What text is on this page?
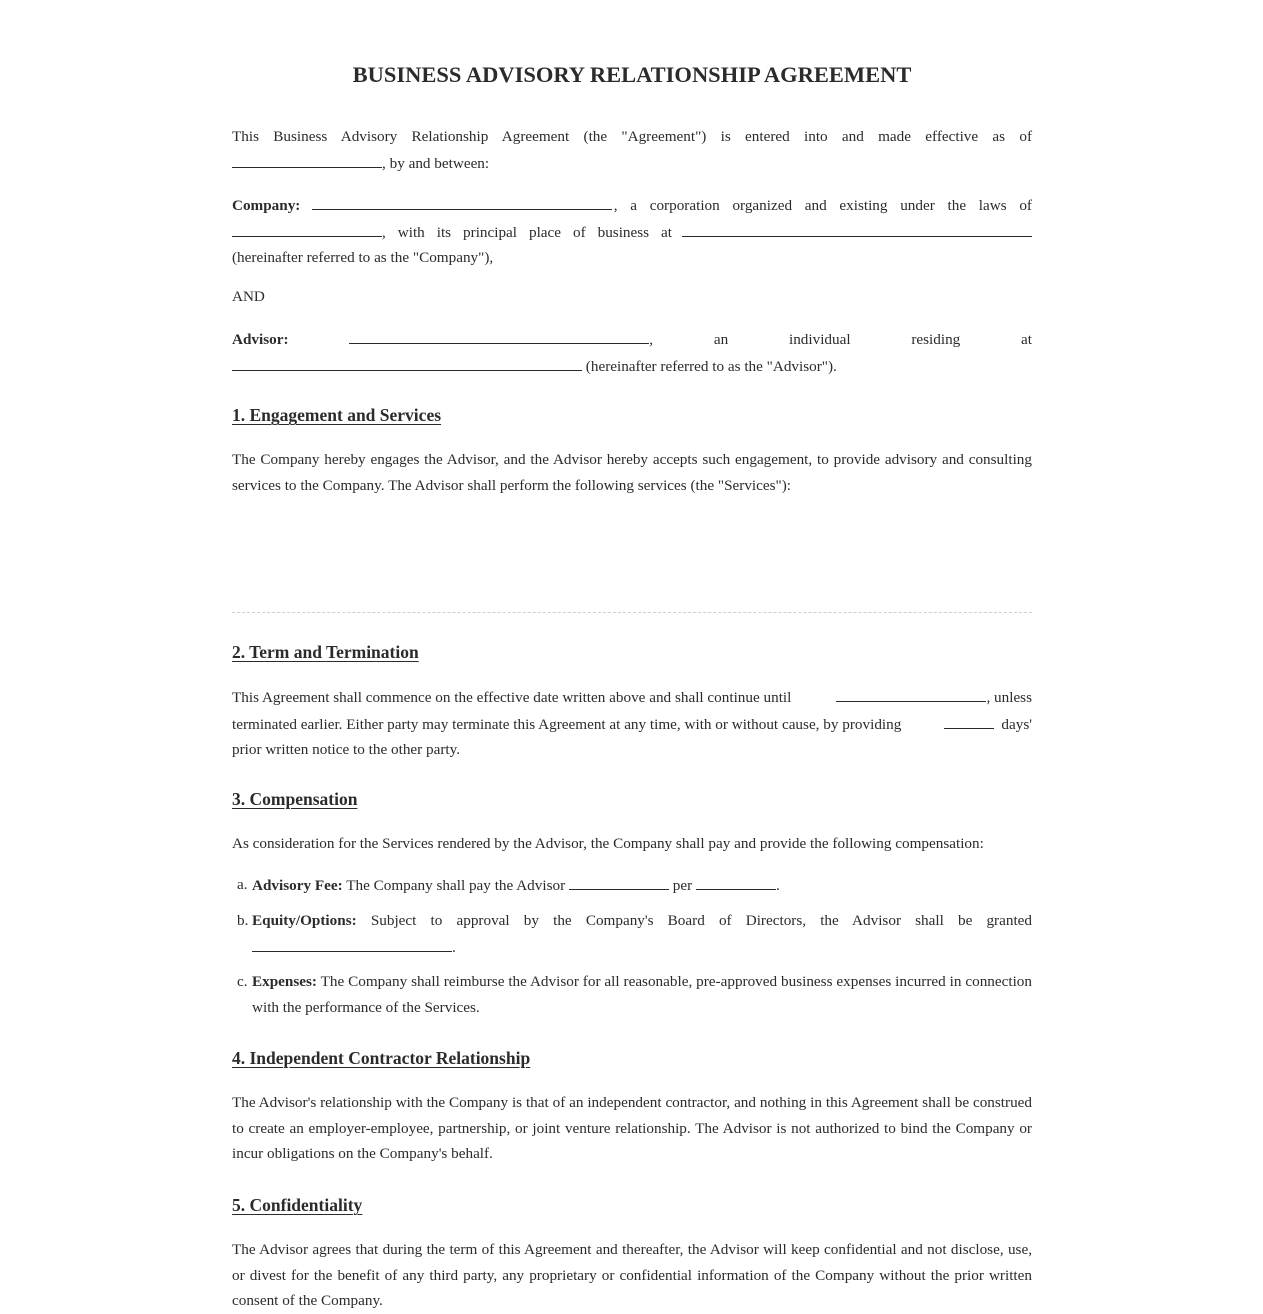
BUSINESS ADVISORY RELATIONSHIP AGREEMENT
This Business Advisory Relationship Agreement (the "Agreement") is entered into and made effective as of
, by and between:
Company:	, a corporation organized and existing under the laws of
, with its principal place of business at
(hereinafter referred to as the "Company"),
AND
Advisor:	,	an	individual	residing	at
(hereinafter referred to as the "Advisor").
1. Engagement and Services
The Company hereby engages the Advisor, and the Advisor hereby accepts such engagement, to provide advisory and consulting services to the Company. The Advisor shall perform the following services (the "Services"):
2. Term and Termination
This Agreement shall commence on the effective date written above and shall continue until	, unless
terminated earlier. Either party may terminate this Agreement at any time, with or without cause, by providing	days'
prior written notice to the other party.
3. Compensation
As consideration for the Services rendered by the Advisor, the Company shall pay and provide the following compensation:
a. Advisory Fee: The Company shall pay the Advisor	per	.
b. Equity/Options: Subject to approval by the Company's Board of Directors, the Advisor shall be granted
.
c. Expenses: The Company shall reimburse the Advisor for all reasonable, pre-approved business expenses incurred in connection with the performance of the Services.
4. Independent Contractor Relationship
The Advisor's relationship with the Company is that of an independent contractor, and nothing in this Agreement shall be construed to create an employer-employee, partnership, or joint venture relationship. The Advisor is not authorized to bind the Company or incur obligations on the Company's behalf.
5. Confidentiality
The Advisor agrees that during the term of this Agreement and thereafter, the Advisor will keep confidential and not disclose, use, or divest for the benefit of any third party, any proprietary or confidential information of the Company without the prior written consent of the Company.
